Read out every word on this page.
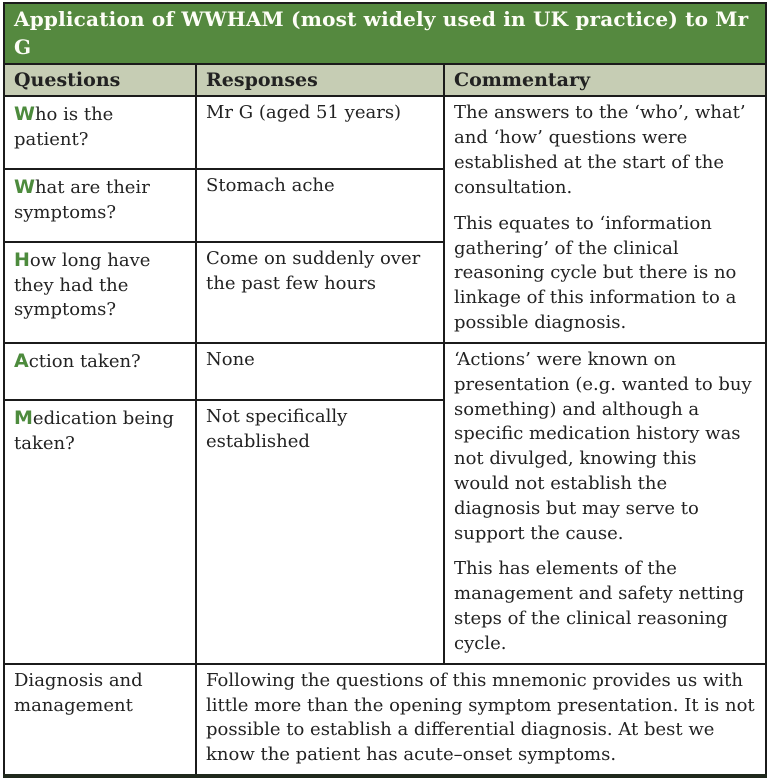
Application of WWHAM (most widely used in UK practice) to Mr G		
Questions	Responses	Commentary
Who is the patient?	Mr G (aged 51 years)	The answers to the ‘who’, what’ and ‘how’ questions were established at the start of the consultation.

This equates to ‘information gathering’ of the clinical reasoning cycle but there is no linkage of this information to a possible diagnosis.

What are their symptoms?	Stomach ache	
How long have they had the symptoms?	Come on suddenly over the past few hours	
Action taken?	None	‘Actions’ were known on presentation (e.g. wanted to buy something) and although a specific medication history was not divulged, knowing this would not establish the diagnosis but may serve to support the cause.

This has elements of the management and safety netting steps of the clinical reasoning cycle.

Medication being taken?	Not specifically established	
Diagnosis and management	Following the questions of this mnemonic provides us with little more than the opening symptom presentation. It is not possible to establish a differential diagnosis. At best we know the patient has acute–onset symptoms.	
